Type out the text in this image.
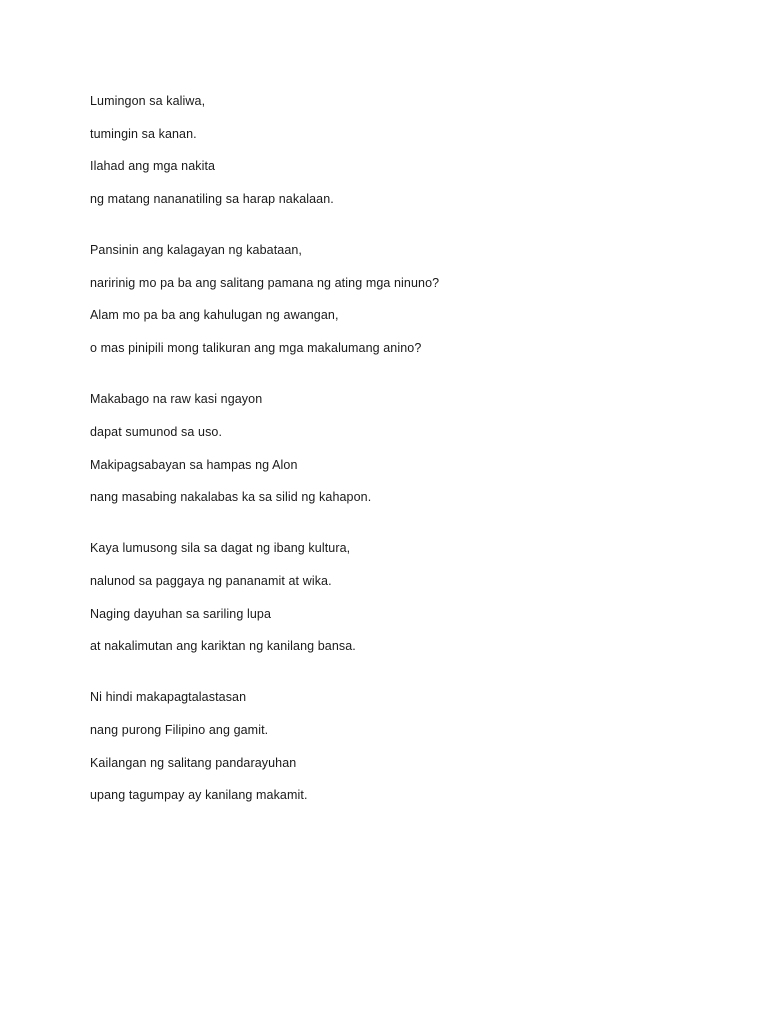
Lumingon sa kaliwa,
tumingin sa kanan.
Ilahad ang mga nakita
ng matang nananatiling sa harap nakalaan.
Pansinin ang kalagayan ng kabataan,
naririnig mo pa ba ang salitang pamana ng ating mga ninuno?
Alam mo pa ba ang kahulugan ng awangan,
o mas pinipili mong talikuran ang mga makalumang anino?
Makabago na raw kasi ngayon
dapat sumunod sa uso.
Makipagsabayan sa hampas ng Alon
nang masabing nakalabas ka sa silid ng kahapon.
Kaya lumusong sila sa dagat ng ibang kultura,
nalunod sa paggaya ng pananamit at wika.
Naging dayuhan sa sariling lupa
at nakalimutan ang kariktan ng kanilang bansa.
Ni hindi makapagtalastasan
nang purong Filipino ang gamit.
Kailangan ng salitang pandarayuhan
upang tagumpay ay kanilang makamit.
